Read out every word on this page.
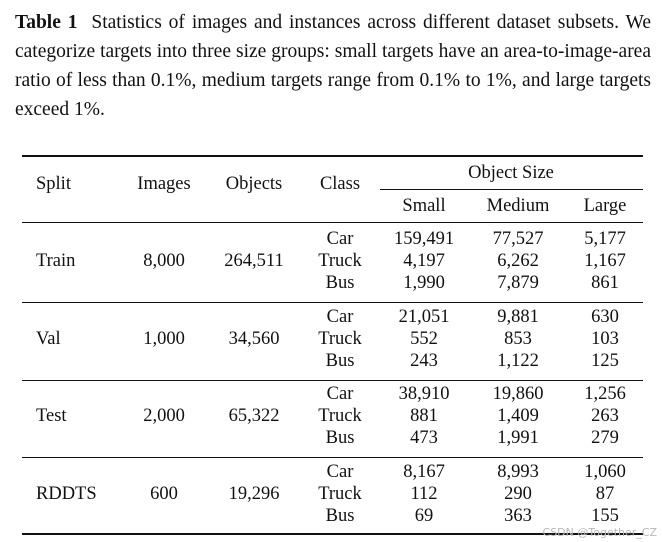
Table 1 Statistics of images and instances across different dataset subsets. We categorize targets into three size groups: small targets have an area-to-image-area ratio of less than 0.1%, medium targets range from 0.1% to 1%, and large targets exceed 1%.
Split	Images Objects Class
Object Size
Small Medium Large
Train	8,000 264,511
Car 159,491 77,527 5,177
Truck 4,197	6,262 1,167
Bus	1,990	7,879	861
Val	1,000 34,560
Car 21,051	9,881	630
Truck	552	853	103
Bus	243	1,122	125
Test	2,000 65,322
Car 38,910 19,860 1,256
Truck	881	1,409	263
Bus	473	1,991	279
RDDTS	600	19,296
Car	8,167	8,993 1,060
Truck	112	290	87
Bus	69	363	155
CSDN @Together_CZ
